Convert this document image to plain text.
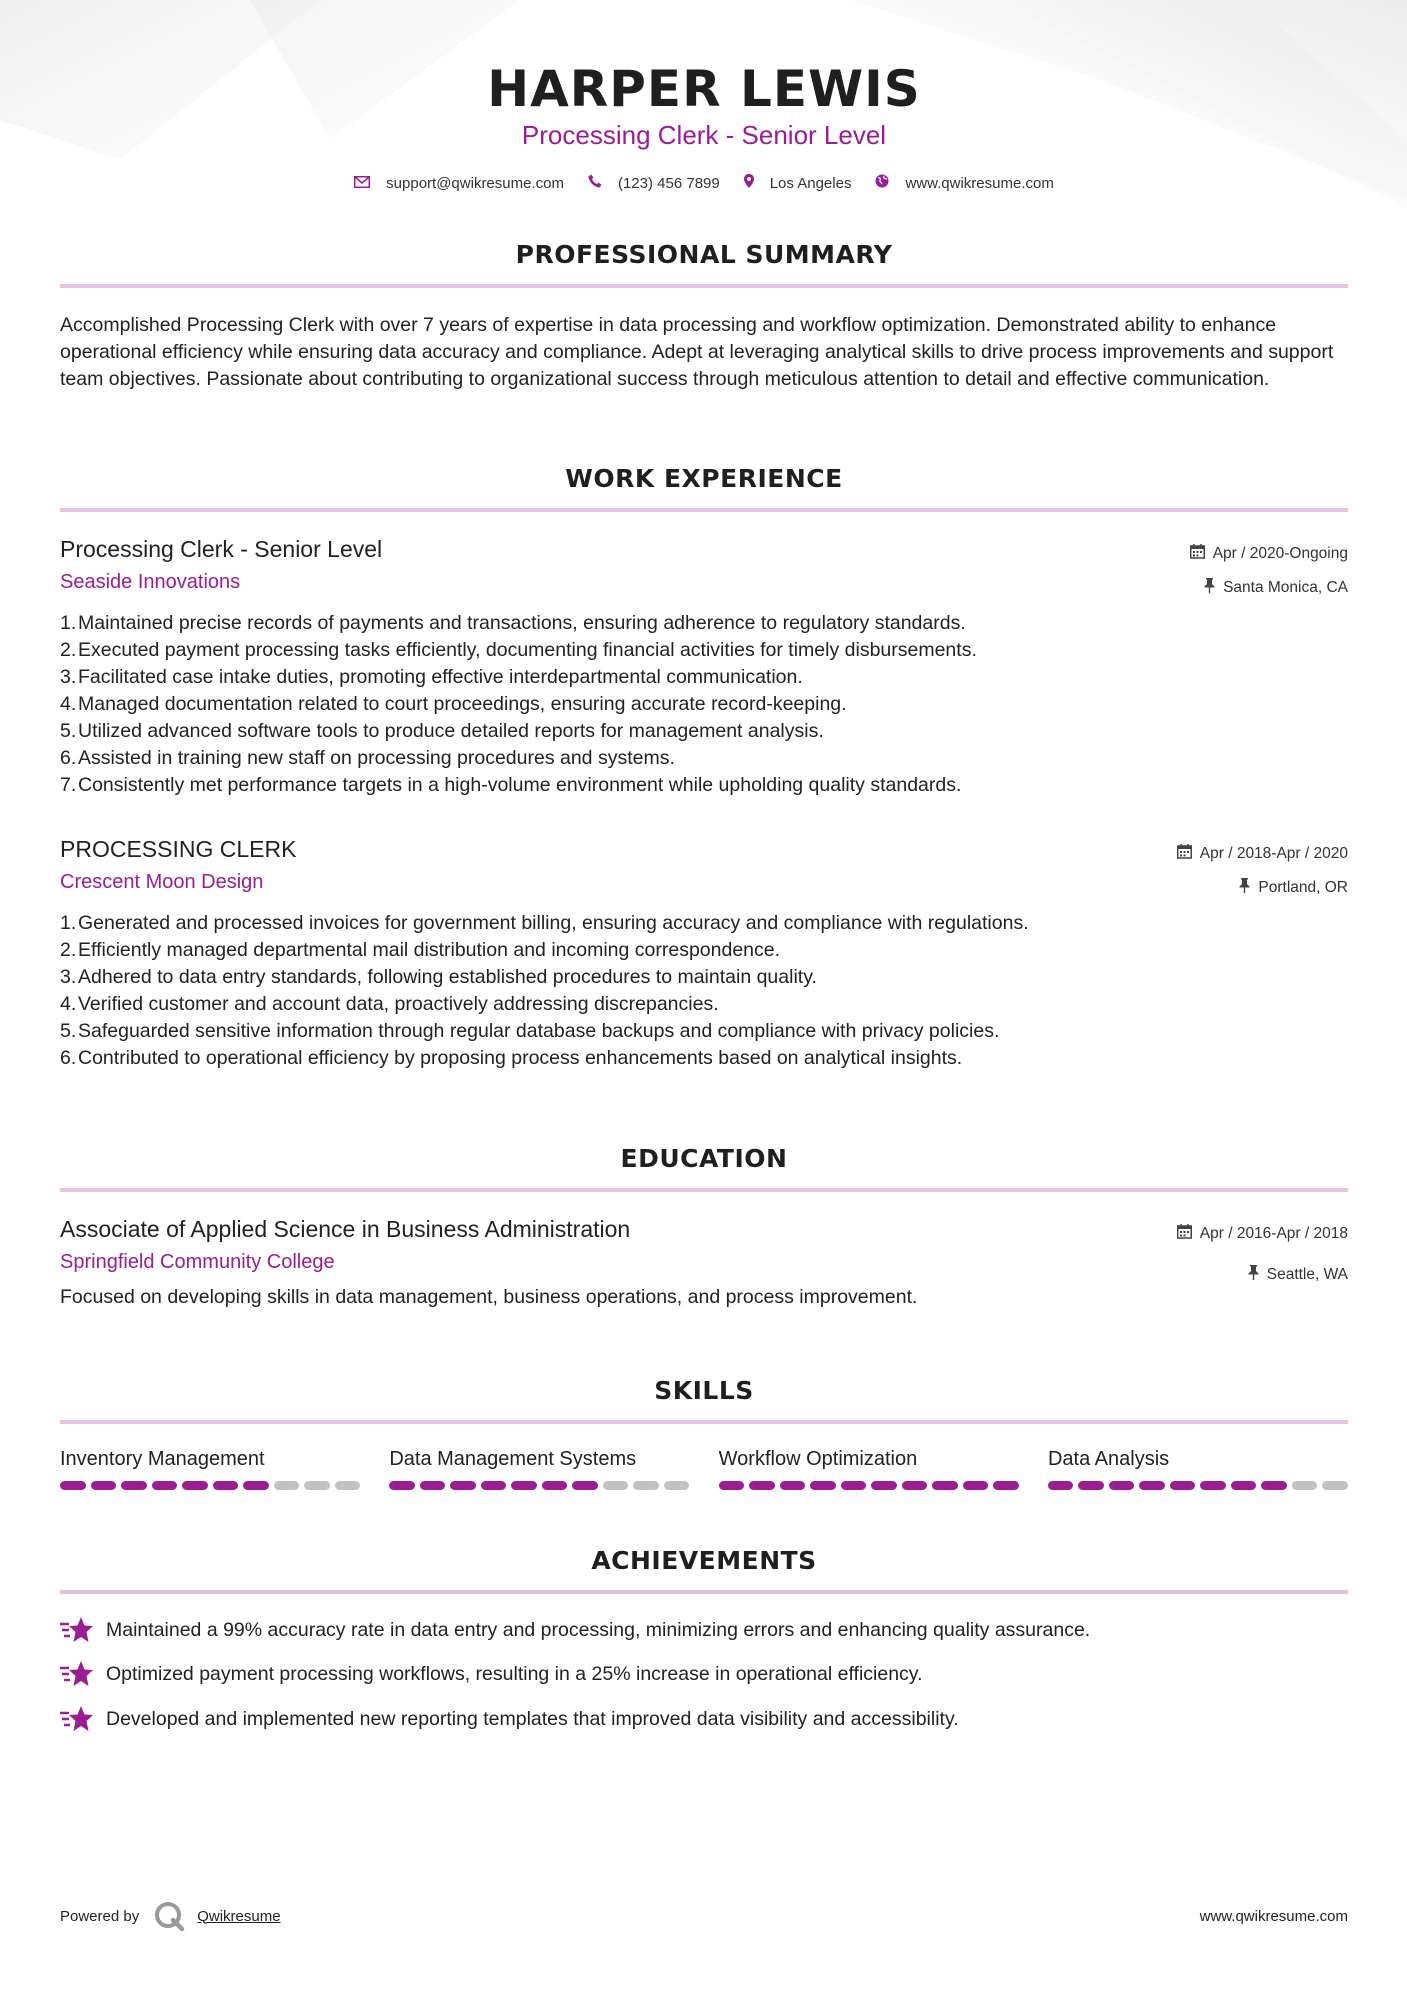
HARPER LEWIS
Processing Clerk - Senior Level
support@qwikresume.com	(123) 456 7899	Los Angeles	www.qwikresume.com
PROFESSIONAL SUMMARY
Accomplished Processing Clerk with over 7 years of expertise in data processing and workflow optimization. Demonstrated ability to enhance operational efficiency while ensuring data accuracy and compliance. Adept at leveraging analytical skills to drive process improvements and support team objectives. Passionate about contributing to organizational success through meticulous attention to detail and effective communication.
WORK EXPERIENCE
Processing Clerk - Senior Level
Seaside Innovations
Apr / 2020-Ongoing
Santa Monica, CA
1. Maintained precise records of payments and transactions, ensuring adherence to regulatory standards.
2. Executed payment processing tasks efficiently, documenting financial activities for timely disbursements.
3. Facilitated case intake duties, promoting effective interdepartmental communication.
4. Managed documentation related to court proceedings, ensuring accurate record-keeping.
5. Utilized advanced software tools to produce detailed reports for management analysis.
6. Assisted in training new staff on processing procedures and systems.
7. Consistently met performance targets in a high-volume environment while upholding quality standards.
PROCESSING CLERK
Crescent Moon Design
Apr / 2018-Apr / 2020
Portland, OR
1. Generated and processed invoices for government billing, ensuring accuracy and compliance with regulations.
2. Efficiently managed departmental mail distribution and incoming correspondence.
3. Adhered to data entry standards, following established procedures to maintain quality.
4. Verified customer and account data, proactively addressing discrepancies.
5. Safeguarded sensitive information through regular database backups and compliance with privacy policies.
6. Contributed to operational efficiency by proposing process enhancements based on analytical insights.
EDUCATION
Associate of Applied Science in Business Administration
Springfield Community College
Apr / 2016-Apr / 2018
Seattle, WA
Focused on developing skills in data management, business operations, and process improvement.
SKILLS
Inventory Management	Data Management Systems	Workflow Optimization	Data Analysis
ACHIEVEMENTS
Maintained a 99% accuracy rate in data entry and processing, minimizing errors and enhancing quality assurance.
Optimized payment processing workflows, resulting in a 25% increase in operational efficiency.
Developed and implemented new reporting templates that improved data visibility and accessibility.
Powered by	Qwikresume	www.qwikresume.com
